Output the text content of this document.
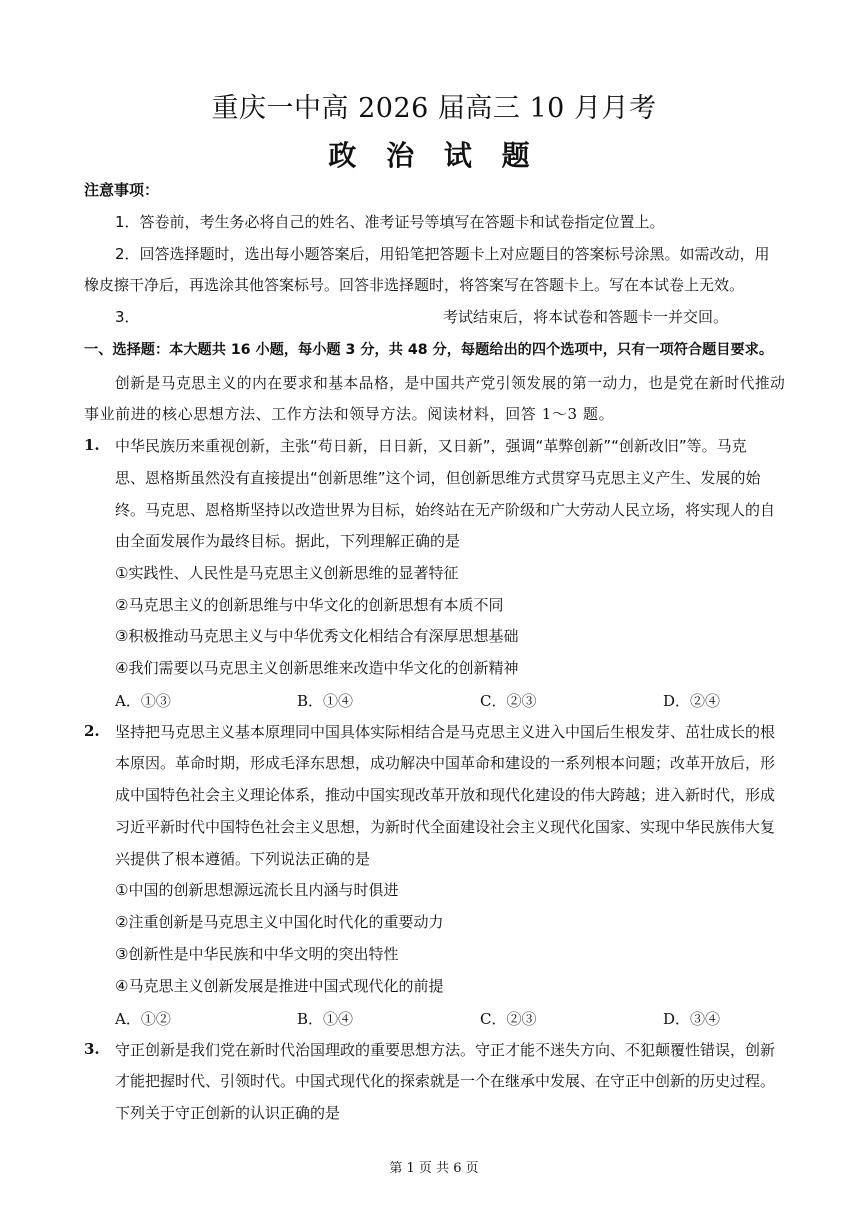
重庆一中高 2026 届高三 10 月月考
政 治 试 题
注意事项：
1．答卷前，考生务必将自己的姓名、准考证号等填写在答题卡和试卷指定位置上。
2．回答选择题时，选出每小题答案后，用铅笔把答题卡上对应题目的答案标号涂黑。如需改动，用
橡皮擦干净后，再选涂其他答案标号。回答非选择题时，将答案写在答题卡上。写在本试卷上无效。
3．	考试结束后，将本试卷和答题卡一并交回。
一、选择题：本大题共 16 小题，每小题 3 分，共 48 分，每题给出的四个选项中，只有一项符合题目要求。
创新是马克思主义的内在要求和基本品格，是中国共产党引领发展的第一动力，也是党在新时代推动
事业前进的核心思想方法、工作方法和领导方法。阅读材料，回答 1～3 题。
1. 中华民族历来重视创新，主张“苟日新，日日新，又日新”，强调“革弊创新”“创新改旧”等。马克
思、恩格斯虽然没有直接提出“创新思维”这个词，但创新思维方式贯穿马克思主义产生、发展的始
终。马克思、恩格斯坚持以改造世界为目标，始终站在无产阶级和广大劳动人民立场，将实现人的自
由全面发展作为最终目标。据此，下列理解正确的是
①实践性、人民性是马克思主义创新思维的显著特征
②马克思主义的创新思维与中华文化的创新思想有本质不同
③积极推动马克思主义与中华优秀文化相结合有深厚思想基础
④我们需要以马克思主义创新思维来改造中华文化的创新精神
A．①③	B．①④	C．②③	D．②④
2. 坚持把马克思主义基本原理同中国具体实际相结合是马克思主义进入中国后生根发芽、茁壮成长的根
本原因。革命时期，形成毛泽东思想，成功解决中国革命和建设的一系列根本问题；改革开放后，形
成中国特色社会主义理论体系，推动中国实现改革开放和现代化建设的伟大跨越；进入新时代，形成
习近平新时代中国特色社会主义思想，为新时代全面建设社会主义现代化国家、实现中华民族伟大复
兴提供了根本遵循。下列说法正确的是
①中国的创新思想源远流长且内涵与时俱进
②注重创新是马克思主义中国化时代化的重要动力
③创新性是中华民族和中华文明的突出特性
④马克思主义创新发展是推进中国式现代化的前提
A．①②	B．①④	C．②③	D．③④
3. 守正创新是我们党在新时代治国理政的重要思想方法。守正才能不迷失方向、不犯颠覆性错误，创新
才能把握时代、引领时代。中国式现代化的探索就是一个在继承中发展、在守正中创新的历史过程。
下列关于守正创新的认识正确的是
第 1 页 共 6 页
